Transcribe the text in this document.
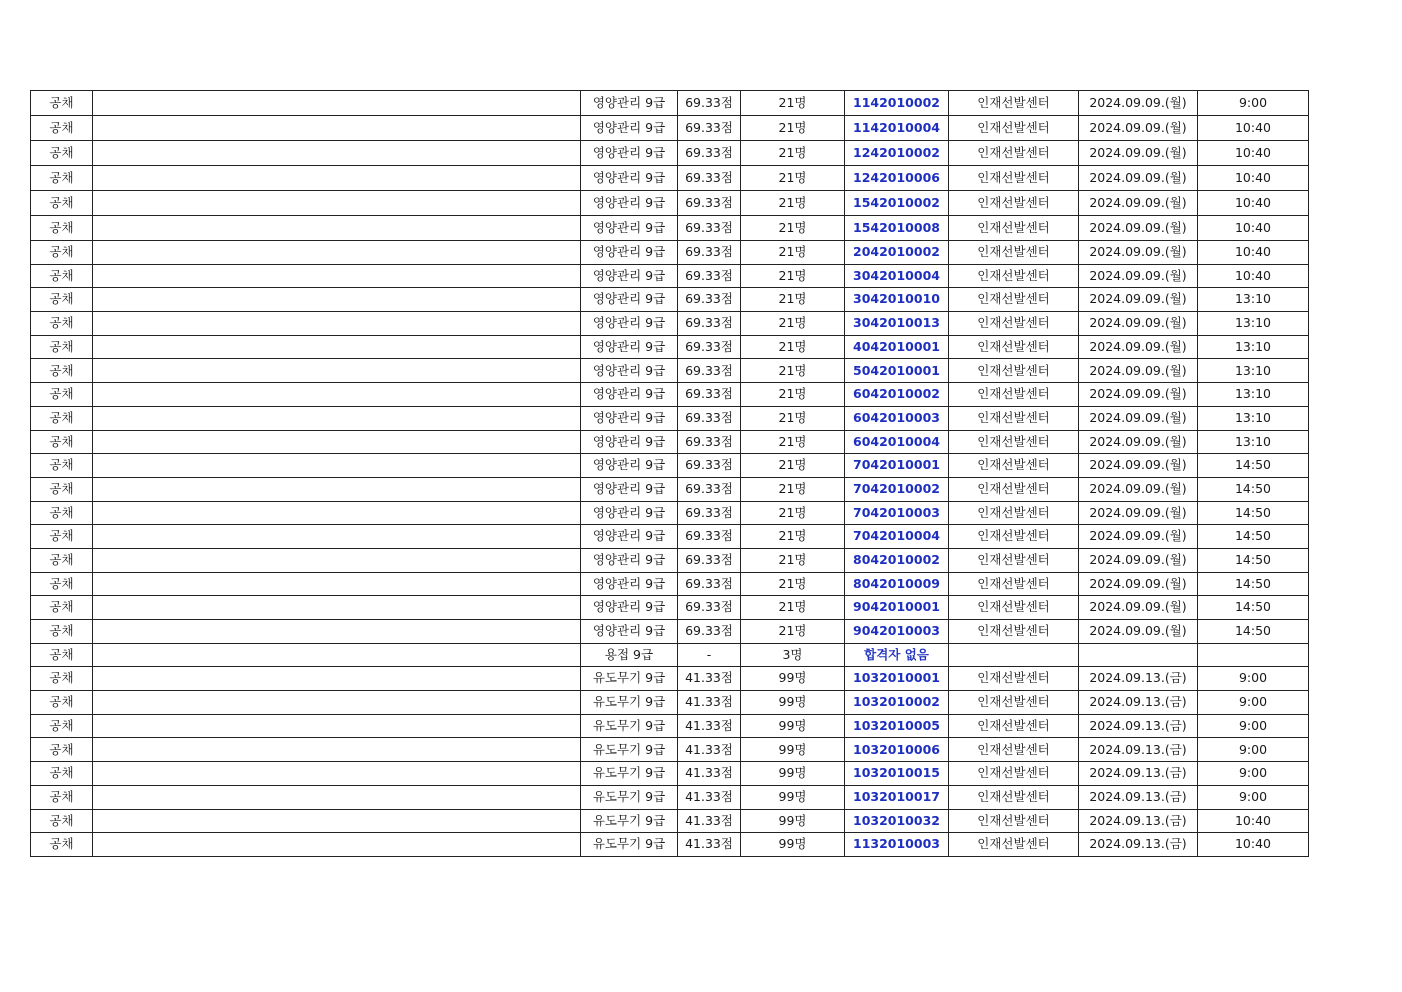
공채		영양관리 9급	69.33점	21명	1142010002	인재선발센터	2024.09.09.(월)	9:00
공채		영양관리 9급	69.33점	21명	1142010004	인재선발센터	2024.09.09.(월)	10:40
공채		영양관리 9급	69.33점	21명	1242010002	인재선발센터	2024.09.09.(월)	10:40
공채		영양관리 9급	69.33점	21명	1242010006	인재선발센터	2024.09.09.(월)	10:40
공채		영양관리 9급	69.33점	21명	1542010002	인재선발센터	2024.09.09.(월)	10:40
공채		영양관리 9급	69.33점	21명	1542010008	인재선발센터	2024.09.09.(월)	10:40
공채		영양관리 9급	69.33점	21명	2042010002	인재선발센터	2024.09.09.(월)	10:40
공채		영양관리 9급	69.33점	21명	3042010004	인재선발센터	2024.09.09.(월)	10:40
공채		영양관리 9급	69.33점	21명	3042010010	인재선발센터	2024.09.09.(월)	13:10
공채		영양관리 9급	69.33점	21명	3042010013	인재선발센터	2024.09.09.(월)	13:10
공채		영양관리 9급	69.33점	21명	4042010001	인재선발센터	2024.09.09.(월)	13:10
공채		영양관리 9급	69.33점	21명	5042010001	인재선발센터	2024.09.09.(월)	13:10
공채		영양관리 9급	69.33점	21명	6042010002	인재선발센터	2024.09.09.(월)	13:10
공채		영양관리 9급	69.33점	21명	6042010003	인재선발센터	2024.09.09.(월)	13:10
공채		영양관리 9급	69.33점	21명	6042010004	인재선발센터	2024.09.09.(월)	13:10
공채		영양관리 9급	69.33점	21명	7042010001	인재선발센터	2024.09.09.(월)	14:50
공채		영양관리 9급	69.33점	21명	7042010002	인재선발센터	2024.09.09.(월)	14:50
공채		영양관리 9급	69.33점	21명	7042010003	인재선발센터	2024.09.09.(월)	14:50
공채		영양관리 9급	69.33점	21명	7042010004	인재선발센터	2024.09.09.(월)	14:50
공채		영양관리 9급	69.33점	21명	8042010002	인재선발센터	2024.09.09.(월)	14:50
공채		영양관리 9급	69.33점	21명	8042010009	인재선발센터	2024.09.09.(월)	14:50
공채		영양관리 9급	69.33점	21명	9042010001	인재선발센터	2024.09.09.(월)	14:50
공채		영양관리 9급	69.33점	21명	9042010003	인재선발센터	2024.09.09.(월)	14:50
공채		용접 9급	-	3명	합격자 없음			
공채		유도무기 9급	41.33점	99명	1032010001	인재선발센터	2024.09.13.(금)	9:00
공채		유도무기 9급	41.33점	99명	1032010002	인재선발센터	2024.09.13.(금)	9:00
공채		유도무기 9급	41.33점	99명	1032010005	인재선발센터	2024.09.13.(금)	9:00
공채		유도무기 9급	41.33점	99명	1032010006	인재선발센터	2024.09.13.(금)	9:00
공채		유도무기 9급	41.33점	99명	1032010015	인재선발센터	2024.09.13.(금)	9:00
공채		유도무기 9급	41.33점	99명	1032010017	인재선발센터	2024.09.13.(금)	9:00
공채		유도무기 9급	41.33점	99명	1032010032	인재선발센터	2024.09.13.(금)	10:40
공채		유도무기 9급	41.33점	99명	1132010003	인재선발센터	2024.09.13.(금)	10:40
